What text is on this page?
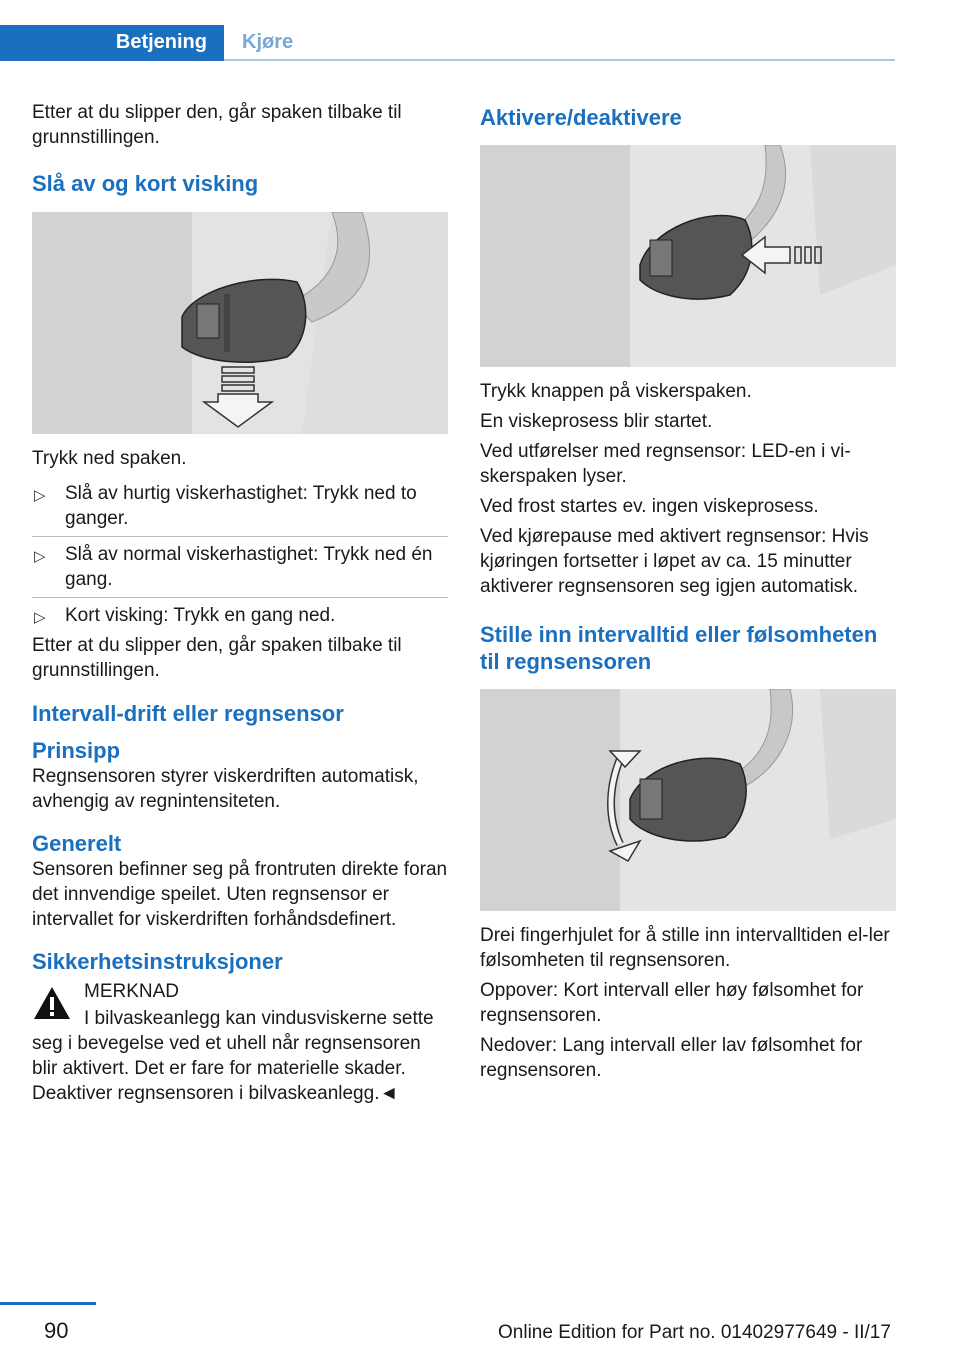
Betjening Kjøre

Etter at du slipper den, går spaken tilbake til grunnstillingen.

Slå av og kort visking

Trykk ned spaken.

▷ Slå av hurtig viskerhastighet: Trykk ned to ganger.
▷ Slå av normal viskerhastighet: Trykk ned én gang.
▷ Kort visking: Trykk en gang ned.

Etter at du slipper den, går spaken tilbake til grunnstillingen.

Intervall-drift eller regnsensor
Prinsipp

Regnsensoren styrer viskerdriften automatisk, avhengig av regnintensiteten.

Generelt

Sensoren befinner seg på frontruten direkte foran det innvendige speilet. Uten regnsensor er intervallet for viskerdriften forhåndsdefinert.

Sikkerhetsinstruksjoner

MERKNAD

I bilvaskeanlegg kan vindusviskerne sette seg i bevegelse ved et uhell når regnsensoren blir aktivert. Det er fare for materielle skader. Deaktiver regnsensoren i bilvaskeanlegg.◄

Aktivere/deaktivere

Trykk knappen på viskerspaken.

En viskeprosess blir startet.

Ved utførelser med regnsensor: LED-en i vi-skerspaken lyser.

Ved frost startes ev. ingen viskeprosess.

Ved kjørepause med aktivert regnsensor: Hvis kjøringen fortsetter i løpet av ca. 15 minutter aktiverer regnsensoren seg igjen automatisk.

Stille inn intervalltid eller følsomheten til regnsensoren

Drei fingerhjulet for å stille inn intervalltiden el-ler følsomheten til regnsensoren.

Oppover: Kort intervall eller høy følsomhet for regnsensoren.

Nedover: Lang intervall eller lav følsomhet for regnsensoren.

90	Online Edition for Part no. 01402977649 - II/17
